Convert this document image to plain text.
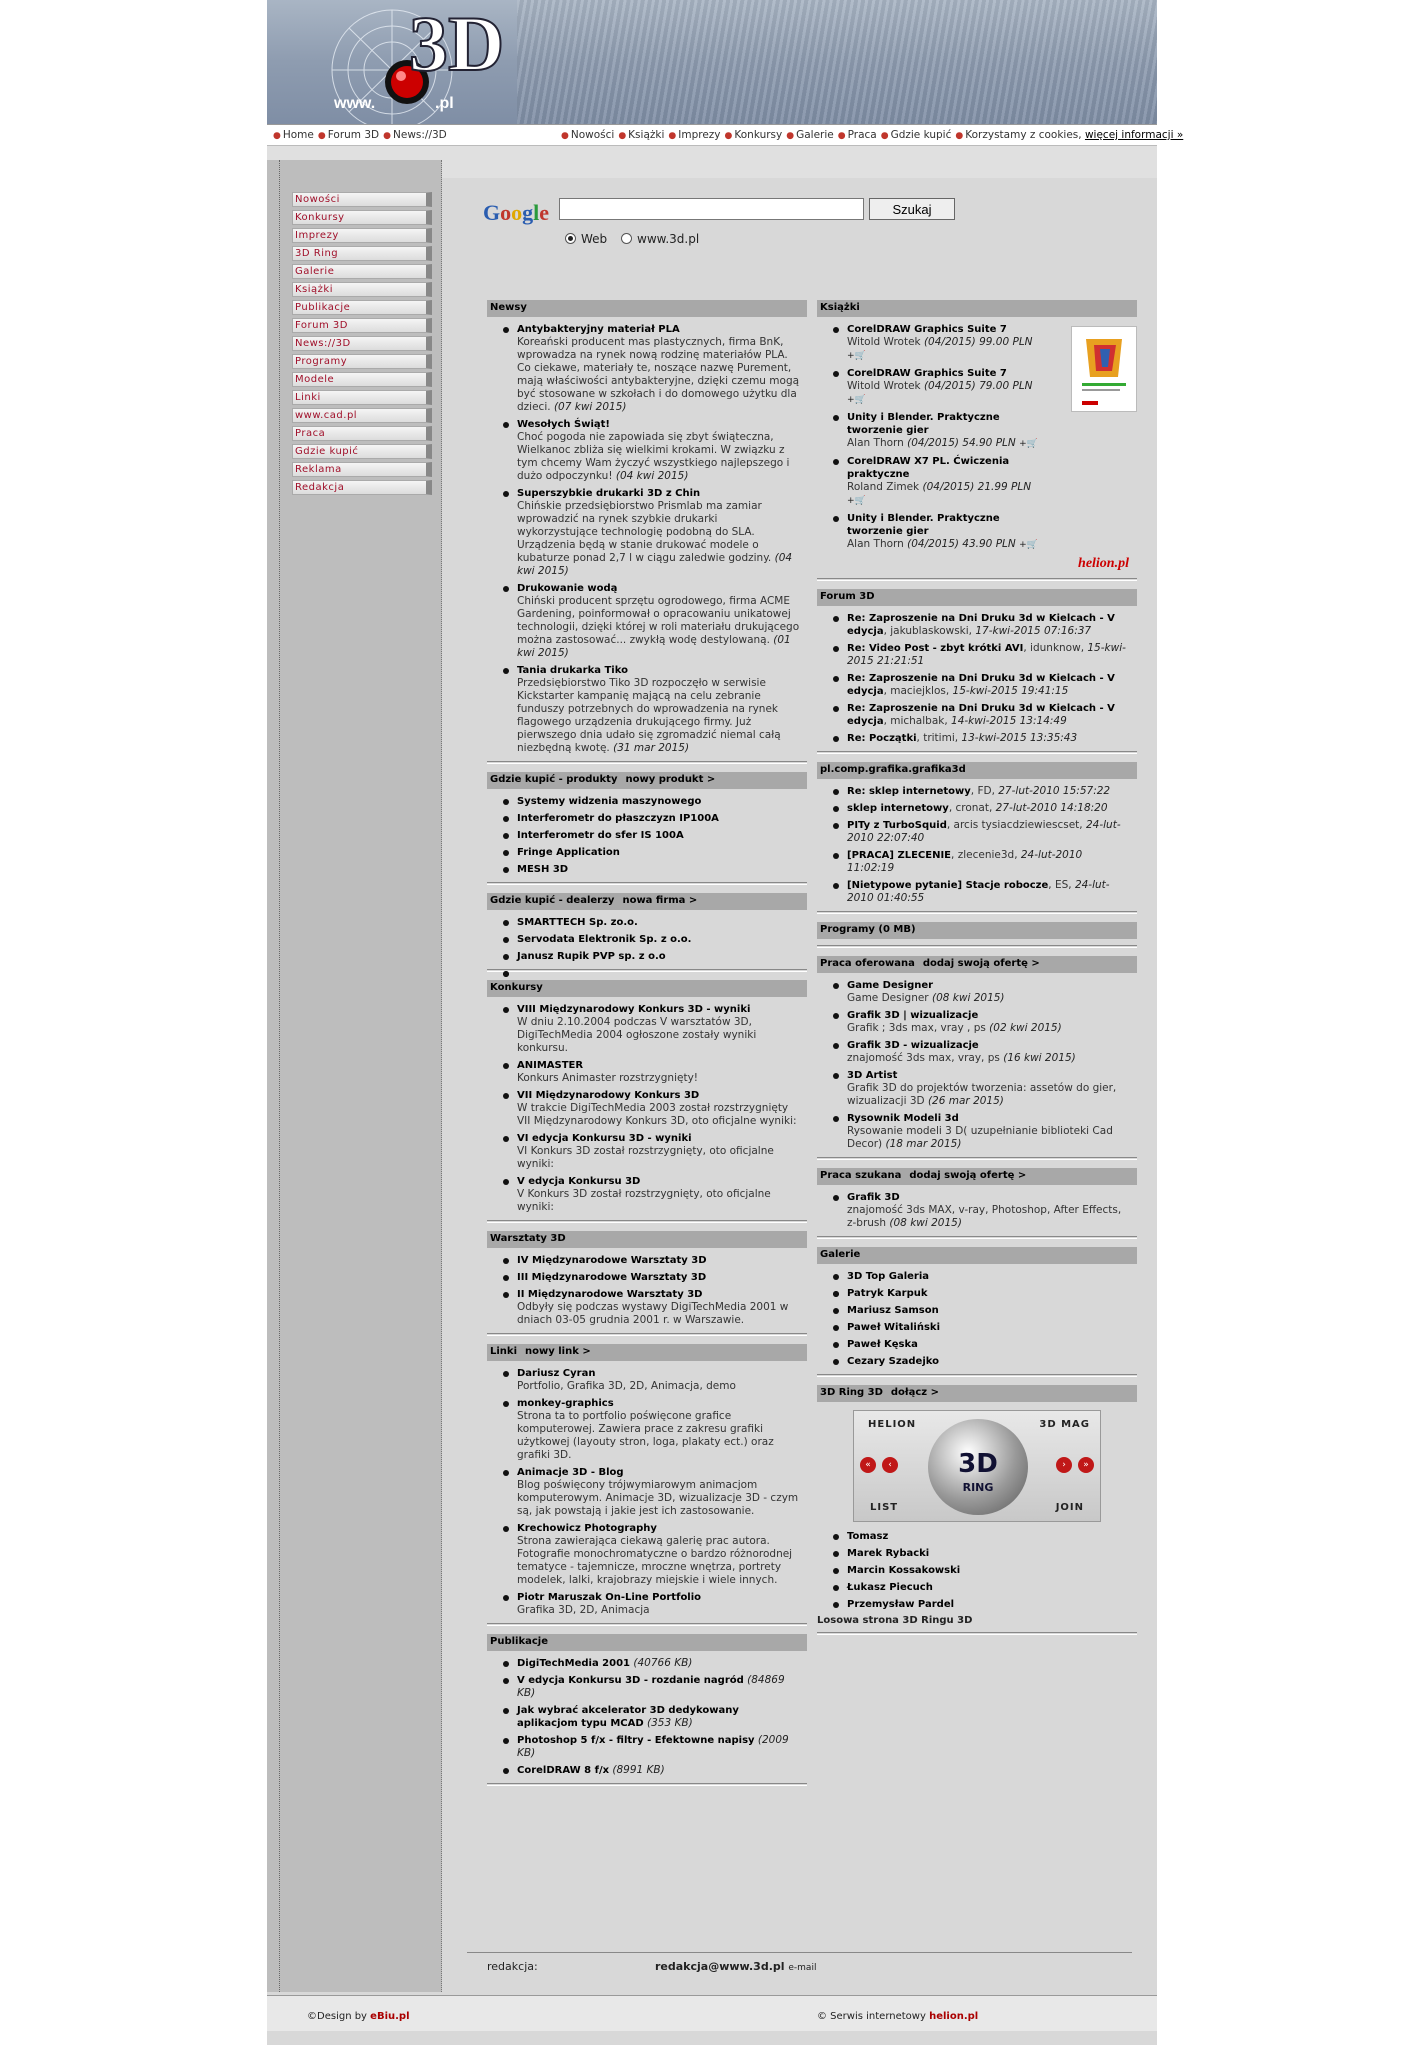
3D
www.	.pl
● Home ● Forum 3D ● News://3D	● Nowości ● Książki ● Imprezy ● Konkursy ● Galerie ● Praca ● Gdzie kupić ● Korzystamy z cookies, więcej informacji »
Nowości
Konkursy
Imprezy
3D Ring
Galerie
Książki
Publikacje
Forum 3D
News://3D
Programy
Modele
Linki
www.cad.pl
Praca
Gdzie kupić
Reklama
Redakcja
Google	Szukaj
Web www.3d.pl
Newsy
Antybakteryjny materiał PLA
Koreański producent mas plastycznych, firma BnK, wprowadza na rynek nową rodzinę materiałów PLA. Co ciekawe, materiały te, noszące nazwę Purement, mają właściwości antybakteryjne, dzięki czemu mogą być stosowane w szkołach i do domowego użytku dla dzieci. (07 kwi 2015)
Wesołych Świąt!
Choć pogoda nie zapowiada się zbyt świąteczna, Wielkanoc zbliża się wielkimi krokami. W związku z tym chcemy Wam życzyć wszystkiego najlepszego i dużo odpoczynku! (04 kwi 2015)
Superszybkie drukarki 3D z Chin
Chińskie przedsiębiorstwo Prismlab ma zamiar wprowadzić na rynek szybkie drukarki wykorzystujące technologię podobną do SLA. Urządzenia będą w stanie drukować modele o kubaturze ponad 2,7 l w ciągu zaledwie godziny. (04 kwi 2015)
Drukowanie wodą
Chiński producent sprzętu ogrodowego, firma ACME Gardening, poinformował o opracowaniu unikatowej technologii, dzięki której w roli materiału drukującego można zastosować... zwykłą wodę destylowaną. (01 kwi 2015)
Tania drukarka Tiko
Przedsiębiorstwo Tiko 3D rozpoczęło w serwisie Kickstarter kampanię mającą na celu zebranie funduszy potrzebnych do wprowadzenia na rynek flagowego urządzenia drukującego firmy. Już pierwszego dnia udało się zgromadzić niemal całą niezbędną kwotę. (31 mar 2015)
Gdzie kupić - produkty nowy produkt >
Systemy widzenia maszynowego
Interferometr do płaszczyzn IP100A
Interferometr do sfer IS 100A
Fringe Application
MESH 3D
Gdzie kupić - dealerzy nowa firma >
SMARTTECH Sp. zo.o.
Servodata Elektronik Sp. z o.o.
Janusz Rupik PVP sp. z o.o
Konkursy
VIII Międzynarodowy Konkurs 3D - wyniki
W dniu 2.10.2004 podczas V warsztatów 3D, DigiTechMedia 2004 ogłoszone zostały wyniki konkursu.
ANIMASTER
Konkurs Animaster rozstrzygnięty!
VII Międzynarodowy Konkurs 3D
W trakcie DigiTechMedia 2003 został rozstrzygnięty VII Międzynarodowy Konkurs 3D, oto oficjalne wyniki:
VI edycja Konkursu 3D - wyniki
VI Konkurs 3D został rozstrzygnięty, oto oficjalne wyniki:
V edycja Konkursu 3D
V Konkurs 3D został rozstrzygnięty, oto oficjalne wyniki:
Warsztaty 3D
IV Międzynarodowe Warsztaty 3D
III Międzynarodowe Warsztaty 3D
II Międzynarodowe Warsztaty 3D
Odbyły się podczas wystawy DigiTechMedia 2001 w dniach 03-05 grudnia 2001 r. w Warszawie.
Linki nowy link >
Dariusz Cyran
Portfolio, Grafika 3D, 2D, Animacja, demo
monkey-graphics
Strona ta to portfolio poświęcone grafice komputerowej. Zawiera prace z zakresu grafiki użytkowej (layouty stron, loga, plakaty ect.) oraz grafiki 3D.
Animacje 3D - Blog
Blog poświęcony trójwymiarowym animacjom komputerowym. Animacje 3D, wizualizacje 3D - czym są, jak powstają i jakie jest ich zastosowanie.
Krechowicz Photography
Strona zawierająca ciekawą galerię prac autora. Fotografie monochromatyczne o bardzo różnorodnej tematyce - tajemnicze, mroczne wnętrza, portrety modelek, lalki, krajobrazy miejskie i wiele innych.
Piotr Maruszak On-Line Portfolio
Grafika 3D, 2D, Animacja
Publikacje
DigiTechMedia 2001 (40766 KB)
V edycja Konkursu 3D - rozdanie nagród (84869 KB)
Jak wybrać akcelerator 3D dedykowany aplikacjom typu MCAD (353 KB)
Photoshop 5 f/x - filtry - Efektowne napisy (2009 KB)
CorelDRAW 8 f/x (8991 KB)
Książki
CorelDRAW Graphics Suite 7
Witold Wrotek (04/2015) 99.00 PLN +🛒
CorelDRAW Graphics Suite 7
Witold Wrotek (04/2015) 79.00 PLN +🛒
Unity i Blender. Praktyczne tworzenie gier
Alan Thorn (04/2015) 54.90 PLN +🛒
CorelDRAW X7 PL. Ćwiczenia praktyczne
Roland Zimek (04/2015) 21.99 PLN +🛒
Unity i Blender. Praktyczne tworzenie gier
Alan Thorn (04/2015) 43.90 PLN +🛒
helion.pl
Forum 3D
Re: Zaproszenie na Dni Druku 3d w Kielcach - V edycja, jakublaskowski, 17-kwi-2015 07:16:37
Re: Video Post - zbyt krótki AVI, idunknow, 15-kwi-2015 21:21:51
Re: Zaproszenie na Dni Druku 3d w Kielcach - V edycja, maciejklos, 15-kwi-2015 19:41:15
Re: Zaproszenie na Dni Druku 3d w Kielcach - V edycja, michalbak, 14-kwi-2015 13:14:49
Re: Początki, tritimi, 13-kwi-2015 13:35:43
pl.comp.grafika.grafika3d
Re: sklep internetowy, FD, 27-lut-2010 15:57:22
sklep internetowy, cronat, 27-lut-2010 14:18:20
PITy z TurboSquid, arcis tysiacdziewiescset, 24-lut-2010 22:07:40
[PRACA] ZLECENIE, zlecenie3d, 24-lut-2010 11:02:19
[Nietypowe pytanie] Stacje robocze, ES, 24-lut-2010 01:40:55
Programy (0 MB)
Praca oferowana dodaj swoją ofertę >
Game Designer
Game Designer (08 kwi 2015)
Grafik 3D | wizualizacje
Grafik ; 3ds max, vray , ps (02 kwi 2015)
Grafik 3D - wizualizacje
znajomość 3ds max, vray, ps (16 kwi 2015)
3D Artist
Grafik 3D do projektów tworzenia: assetów do gier, wizualizacji 3D (26 mar 2015)
Rysownik Modeli 3d
Rysowanie modeli 3 D( uzupełnianie biblioteki Cad Decor) (18 mar 2015)
Praca szukana dodaj swoją ofertę >
Grafik 3D
znajomość 3ds MAX, v-ray, Photoshop, After Effects, z-brush (08 kwi 2015)
Galerie
3D Top Galeria
Patryk Karpuk
Mariusz Samson
Paweł Witaliński
Paweł Kęska
Cezary Szadejko
3D Ring 3D dołącz >
HELION	3D MAG
LIST	JOIN
«	‹	›	»
3D
RING
Tomasz
Marek Rybacki
Marcin Kossakowski
Łukasz Piecuch
Przemysław Pardel
Losowa strona 3D Ringu 3D
redakcja:	redakcja@www.3d.pl e-mail
©Design by eBiu.pl	© Serwis internetowy helion.pl
